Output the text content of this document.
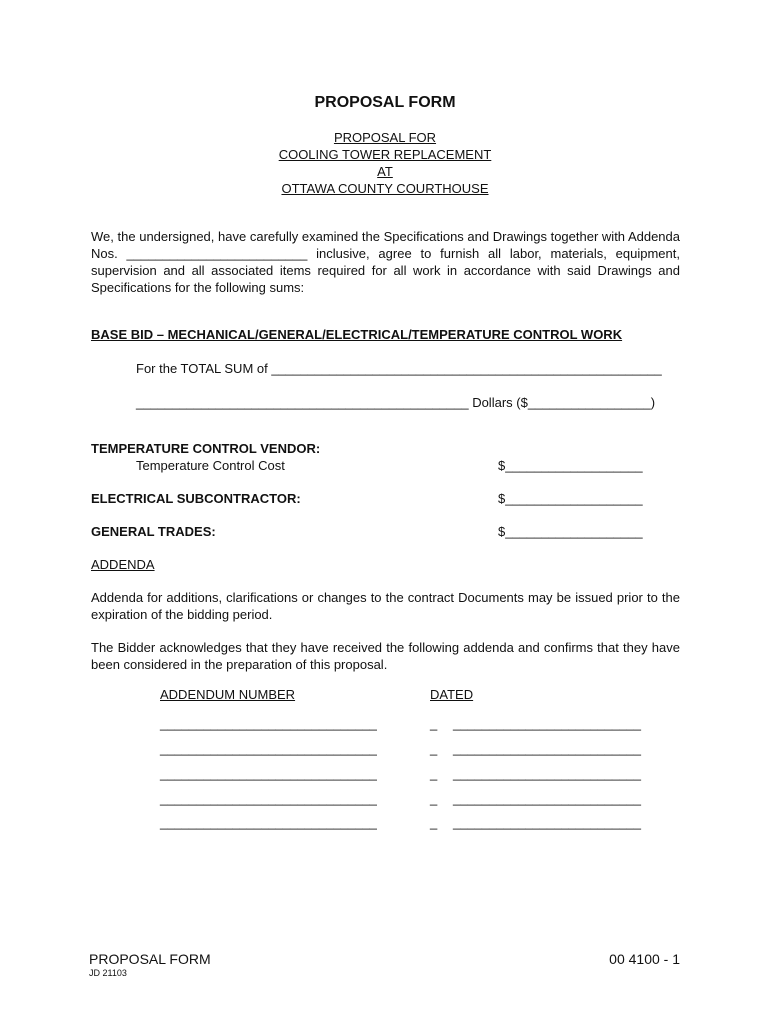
PROPOSAL FORM
PROPOSAL FOR
COOLING TOWER REPLACEMENT
AT
OTTAWA COUNTY COURTHOUSE
We, the undersigned, have carefully examined the Specifications and Drawings together with Addenda Nos. _________________________ inclusive, agree to furnish all labor, materials, equipment, supervision and all associated items required for all work in accordance with said Drawings and Specifications for the following sums:
BASE BID – MECHANICAL/GENERAL/ELECTRICAL/TEMPERATURE CONTROL WORK
For the TOTAL SUM of ______________________________________________________
______________________________________________ Dollars ($_________________)
TEMPERATURE CONTROL VENDOR:
Temperature Control Cost	$___________________
ELECTRICAL SUBCONTRACTOR:	$___________________
GENERAL TRADES:	$___________________
ADDENDA
Addenda for additions, clarifications or changes to the contract Documents may be issued prior to the expiration of the bidding period.
The Bidder acknowledges that they have received the following addenda and confirms that they have been considered in the preparation of this proposal.
ADDENDUM NUMBER	DATED
______________________________	_ __________________________
______________________________	_ __________________________
______________________________	_ __________________________
______________________________	_ __________________________
______________________________	_ __________________________
PROPOSAL FORM
JD 21103
00 4100 - 1
